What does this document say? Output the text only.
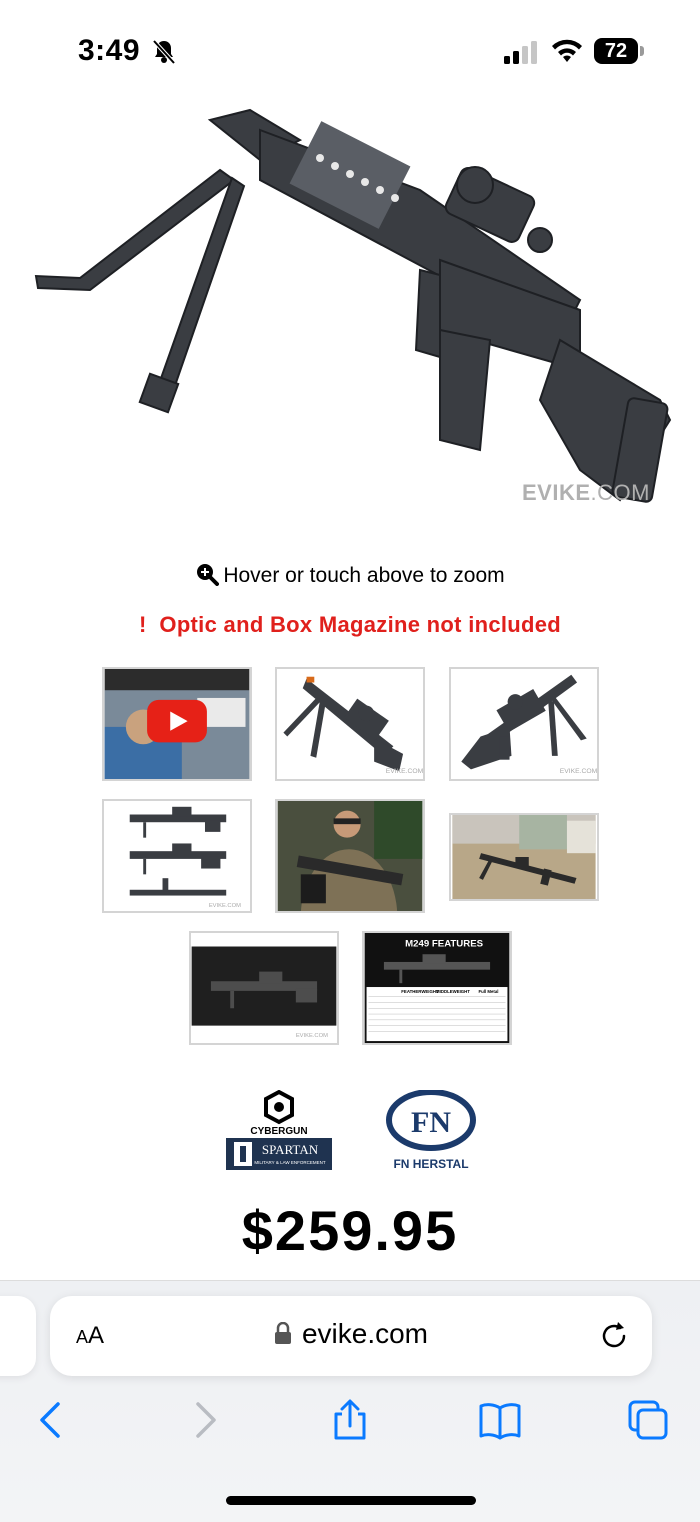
3:49	72
EVIKE.COM
Hover or touch above to zoom
! Optic and Box Magazine not included
EVIKE.COM	EVIKE.COM
EVIKE.COM
EVIKE.COM
M249 FEATURES
FEATHERWEIGHT
MIDDLEWEIGHT Full Metal
CYBERGUN
SPARTAN
MILITARY & LAW ENFORCEMENT
FN
FN HERSTAL
$259.95
AA	evike.com
